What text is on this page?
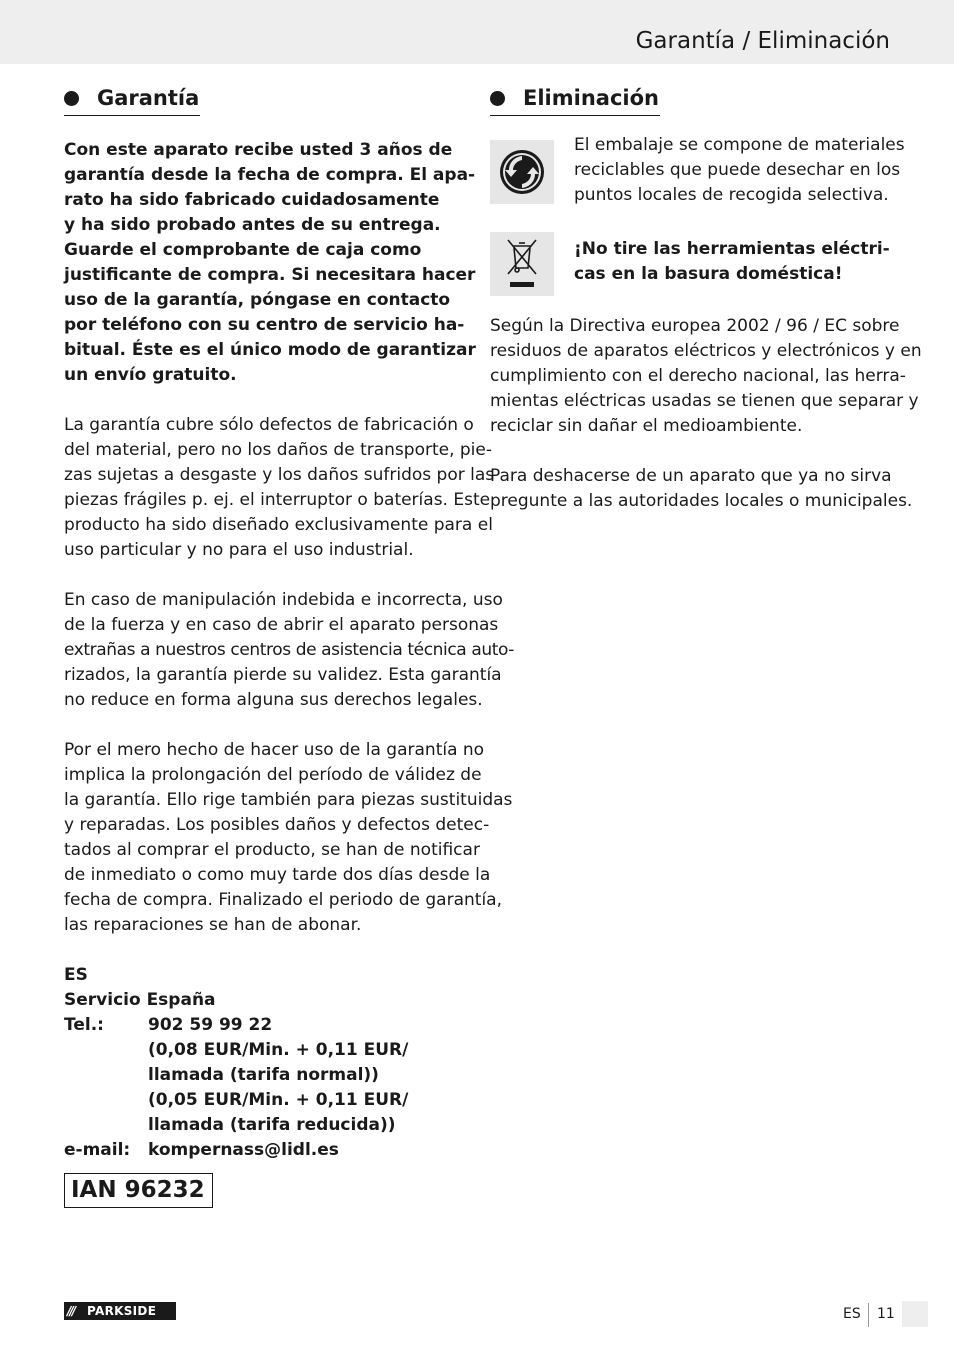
Garantía / Eliminación
Garantía

Con este aparato recibe usted 3 años de
garantía desde la fecha de compra. El apa-
rato ha sido fabricado cuidadosamente
y ha sido probado antes de su entrega.
Guarde el comprobante de caja como
justificante de compra. Si necesitara hacer
uso de la garantía, póngase en contacto
por teléfono con su centro de servicio ha-
bitual. Éste es el único modo de garantizar
un envío gratuito.

La garantía cubre sólo defectos de fabricación o
del material, pero no los daños de transporte, pie-
zas sujetas a desgaste y los daños sufridos por las
piezas frágiles p. ej. el interruptor o baterías. Este
producto ha sido diseñado exclusivamente para el
uso particular y no para el uso industrial.

En caso de manipulación indebida e incorrecta, uso
de la fuerza y en caso de abrir el aparato personas
extrañas a nuestros centros de asistencia técnica auto-
rizados, la garantía pierde su validez. Esta garantía
no reduce en forma alguna sus derechos legales.

Por el mero hecho de hacer uso de la garantía no
implica la prolongación del período de válidez de
la garantía. Ello rige también para piezas sustituidas
y reparadas. Los posibles daños y defectos detec-
tados al comprar el producto, se han de notificar
de inmediato o como muy tarde dos días desde la
fecha de compra. Finalizado el periodo de garantía,
las reparaciones se han de abonar.

ES
Servicio España
Tel.:	902 59 99 22
(0,08 EUR/Min. + 0,11 EUR/
llamada (tarifa normal))
(0,05 EUR/Min. + 0,11 EUR/
llamada (tarifa reducida))
e-mail:	kompernass@lidl.es
IAN 96232
Eliminación

El embalaje se compone de materiales
reciclables que puede desechar en los
puntos locales de recogida selectiva.

¡No tire las herramientas eléctri-
cas en la basura doméstica!

Según la Directiva europea 2002 / 96 / EC sobre
residuos de aparatos eléctricos y electrónicos y en
cumplimiento con el derecho nacional, las herra-
mientas eléctricas usadas se tienen que separar y
reciclar sin dañar el medioambiente.

Para deshacerse de un aparato que ya no sirva
pregunte a las autoridades locales o municipales.

/// PARKSIDE	ES 11
